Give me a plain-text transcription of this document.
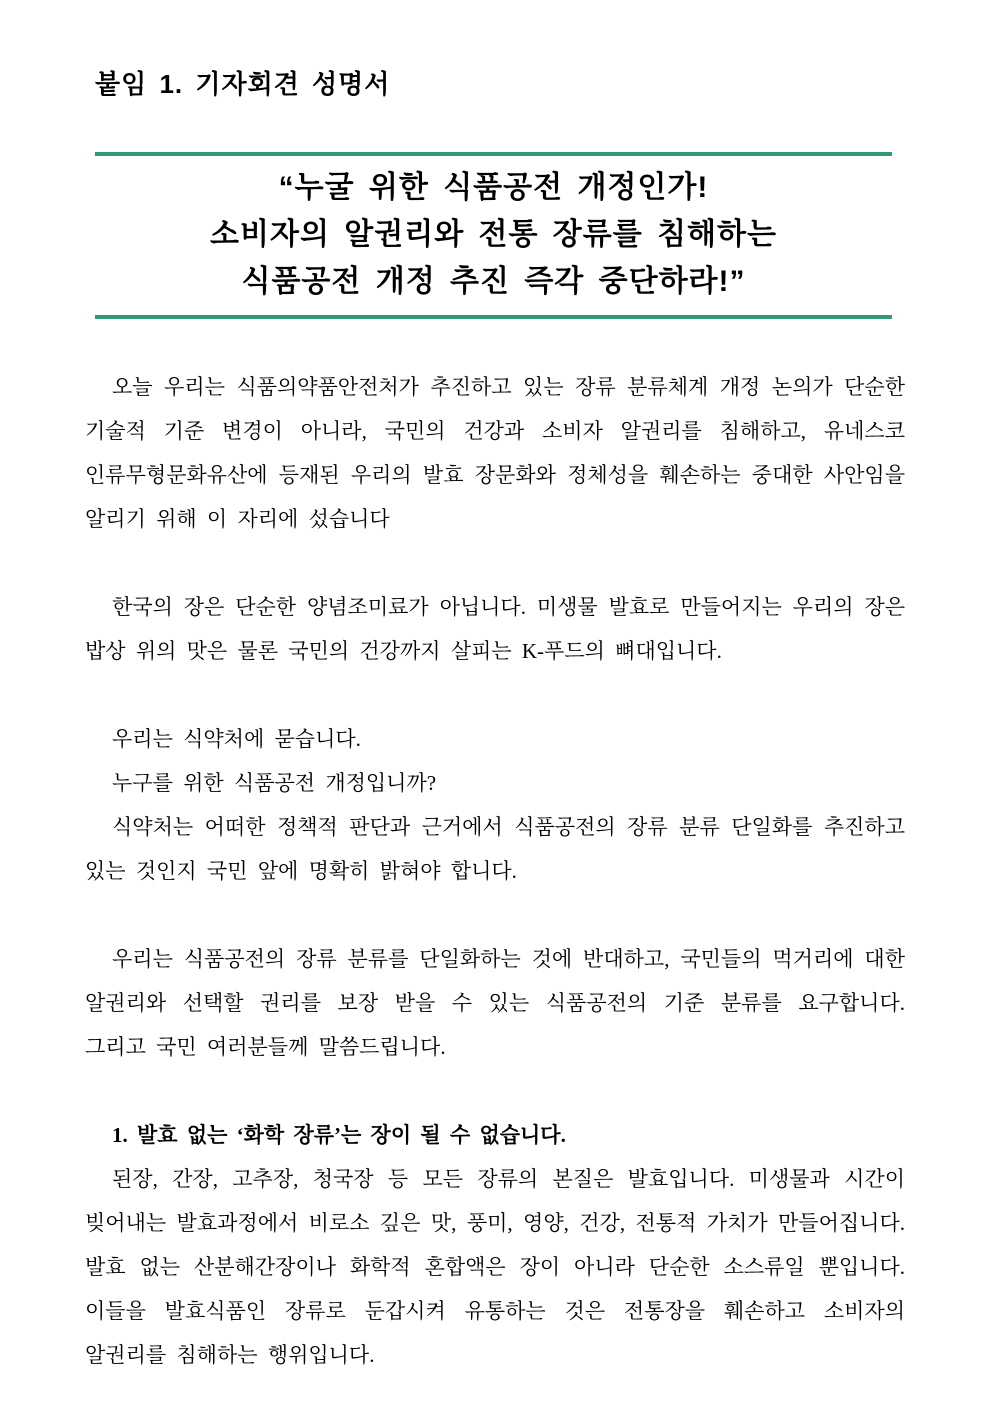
붙임 1. 기자회견 성명서

“누굴 위한 식품공전 개정인가!

소비자의 알권리와 전통 장류를 침해하는

식품공전 개정 추진 즉각 중단하라!”

오늘 우리는 식품의약품안전처가 추진하고 있는 장류 분류체계 개정 논의가 단순한 기술적 기준 변경이 아니라, 국민의 건강과 소비자 알권리를 침해하고, 유네스코 인류무형문화유산에 등재된 우리의 발효 장문화와 정체성을 훼손하는 중대한 사안임을 알리기 위해 이 자리에 섰습니다

한국의 장은 단순한 양념조미료가 아닙니다. 미생물 발효로 만들어지는 우리의 장은 밥상 위의 맛은 물론 국민의 건강까지 살피는 K-푸드의 뼈대입니다.

우리는 식약처에 묻습니다.

누구를 위한 식품공전 개정입니까?

식약처는 어떠한 정책적 판단과 근거에서 식품공전의 장류 분류 단일화를 추진하고 있는 것인지 국민 앞에 명확히 밝혀야 합니다.

우리는 식품공전의 장류 분류를 단일화하는 것에 반대하고, 국민들의 먹거리에 대한 알권리와 선택할 권리를 보장 받을 수 있는 식품공전의 기준 분류를 요구합니다. 그리고 국민 여러분들께 말씀드립니다.

1. 발효 없는 ‘화학 장류’는 장이 될 수 없습니다.

된장, 간장, 고추장, 청국장 등 모든 장류의 본질은 발효입니다. 미생물과 시간이 빚어내는 발효과정에서 비로소 깊은 맛, 풍미, 영양, 건강, 전통적 가치가 만들어집니다. 발효 없는 산분해간장이나 화학적 혼합액은 장이 아니라 단순한 소스류일 뿐입니다. 이들을 발효식품인 장류로 둔갑시켜 유통하는 것은 전통장을 훼손하고 소비자의 알권리를 침해하는 행위입니다.
